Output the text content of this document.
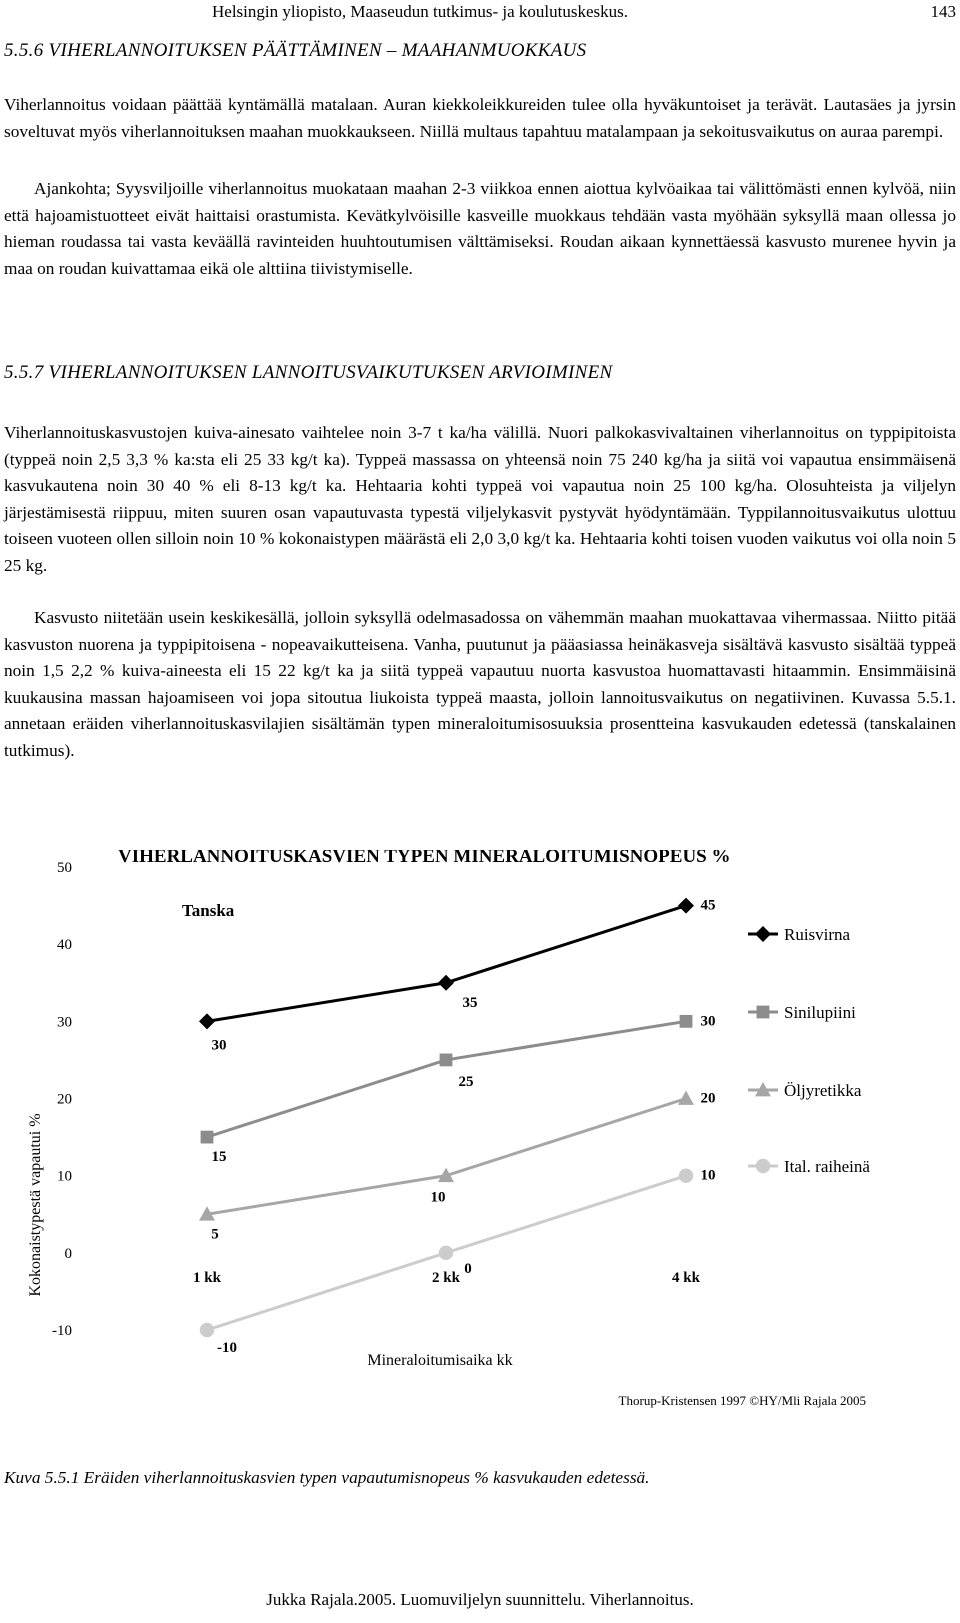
Helsingin yliopisto, Maaseudun tutkimus- ja koulutuskeskus.	143
5.5.6 VIHERLANNOITUKSEN PÄÄTTÄMINEN – MAAHANMUOKKAUS

Viherlannoitus voidaan päättää kyntämällä matalaan. Auran kiekkoleikkureiden tulee olla hyväkuntoiset ja terävät. Lautasäes ja jyrsin soveltuvat myös viherlannoituksen maahan muokkaukseen. Niillä multaus tapahtuu matalampaan ja sekoitusvaikutus on auraa parempi.

Ajankohta; Syysviljoille viherlannoitus muokataan maahan 2-3 viikkoa ennen aiottua kylvöaikaa tai välittömästi ennen kylvöä, niin että hajoamistuotteet eivät haittaisi orastumista. Kevätkylvöisille kasveille muokkaus tehdään vasta myöhään syksyllä maan ollessa jo hieman roudassa tai vasta keväällä ravinteiden huuhtoutumisen välttämiseksi. Roudan aikaan kynnettäessä kasvusto murenee hyvin ja maa on roudan kuivattamaa eikä ole alttiina tiivistymiselle.

5.5.7 VIHERLANNOITUKSEN LANNOITUSVAIKUTUKSEN ARVIOIMINEN

Viherlannoituskasvustojen kuiva-ainesato vaihtelee noin 3-7 t ka/ha välillä. Nuori palkokasvivaltainen viherlannoitus on typpipitoista (typpeä noin 2,5 3,3 % ka:sta eli 25 33 kg/t ka). Typpeä massassa on yhteensä noin 75 240 kg/ha ja siitä voi vapautua ensimmäisenä kasvukautena noin 30 40 % eli 8-13 kg/t ka. Hehtaaria kohti typpeä voi vapautua noin 25 100 kg/ha. Olosuhteista ja viljelyn järjestämisestä riippuu, miten suuren osan vapautuvasta typestä viljelykasvit pystyvät hyödyntämään. Typpilannoitusvaikutus ulottuu toiseen vuoteen ollen silloin noin 10 % kokonaistypen määrästä eli 2,0 3,0 kg/t ka. Hehtaaria kohti toisen vuoden vaikutus voi olla noin 5 25 kg.

Kasvusto niitetään usein keskikesällä, jolloin syksyllä odelmasadossa on vähemmän maahan muokattavaa vihermassaa. Niitto pitää kasvuston nuorena ja typpipitoisena - nopeavaikutteisena. Vanha, puutunut ja pääasiassa heinäkasveja sisältävä kasvusto sisältää typpeä noin 1,5 2,2 % kuiva-aineesta eli 15 22 kg/t ka ja siitä typpeä vapautuu nuorta kasvustoa huomattavasti hitaammin. Ensimmäisinä kuukausina massan hajoamiseen voi jopa sitoutua liukoista typpeä maasta, jolloin lannoitusvaikutus on negatiivinen. Kuvassa 5.5.1. annetaan eräiden viherlannoituskasvilajien sisältämän typen mineraloitumisosuuksia prosentteina kasvukauden edetessä (tanskalainen tutkimus).

VIHERLANNOITUSKASVIEN TYPEN MINERALOITUMISNOPEUS %
Tanska
Kokonaistypestä vapautui %
Mineraloitumisaika kk
Thorup-Kristensen 1997 ©HY/Mli Rajala 2005
-10
0
10
20
30
40
50
1 kk	2 kk	4 kk
30
35
45
Ruisvirna
15
25
30	Sinilupiini
5
10
20	Öljyretikka
-10
0
10	Ital. raiheinä
Kuva 5.5.1 Eräiden viherlannoituskasvien typen vapautumisnopeus % kasvukauden edetessä.
Jukka Rajala.2005. Luomuviljelyn suunnittelu. Viherlannoitus.
